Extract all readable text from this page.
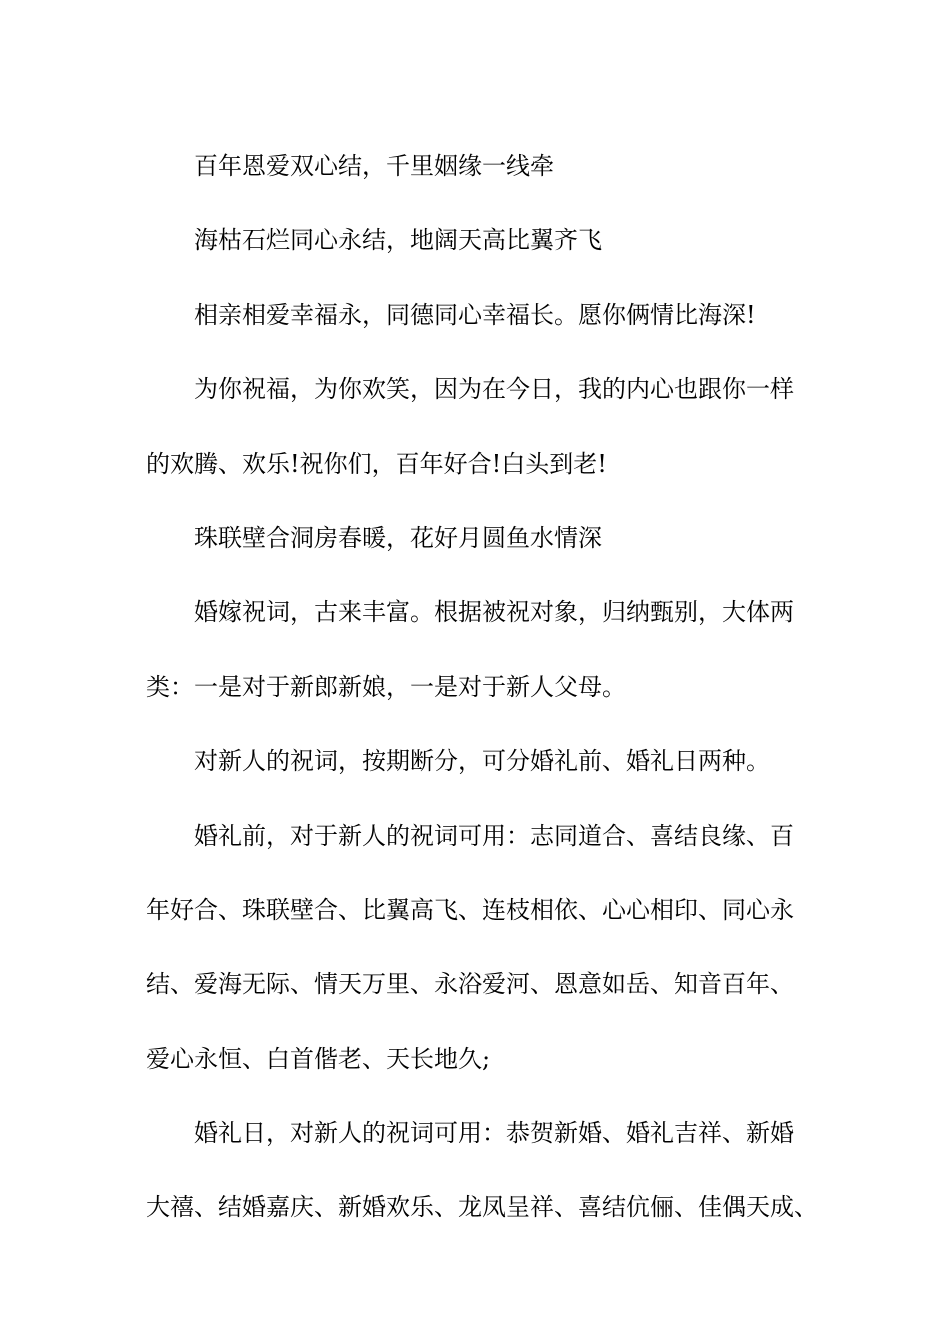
百年恩爱双心结，千里姻缘一线牵
海枯石烂同心永结，地阔天高比翼齐飞
相亲相爱幸福永，同德同心幸福长。愿你俩情比海深!
为你祝福，为你欢笑，因为在今日，我的内心也跟你一样
的欢腾、欢乐!祝你们，百年好合!白头到老!
珠联壁合洞房春暖，花好月圆鱼水情深
婚嫁祝词，古来丰富。根据被祝对象，归纳甄别，大体两
类：一是对于新郎新娘，一是对于新人父母。
对新人的祝词，按期断分，可分婚礼前、婚礼日两种。
婚礼前，对于新人的祝词可用：志同道合、喜结良缘、百
年好合、珠联壁合、比翼高飞、连枝相依、心心相印、同心永
结、爱海无际、情天万里、永浴爱河、恩意如岳、知音百年、
爱心永恒、白首偕老、天长地久;
婚礼日，对新人的祝词可用：恭贺新婚、婚礼吉祥、新婚
大禧、结婚嘉庆、新婚欢乐、龙凤呈祥、喜结伉俪、佳偶天成、
